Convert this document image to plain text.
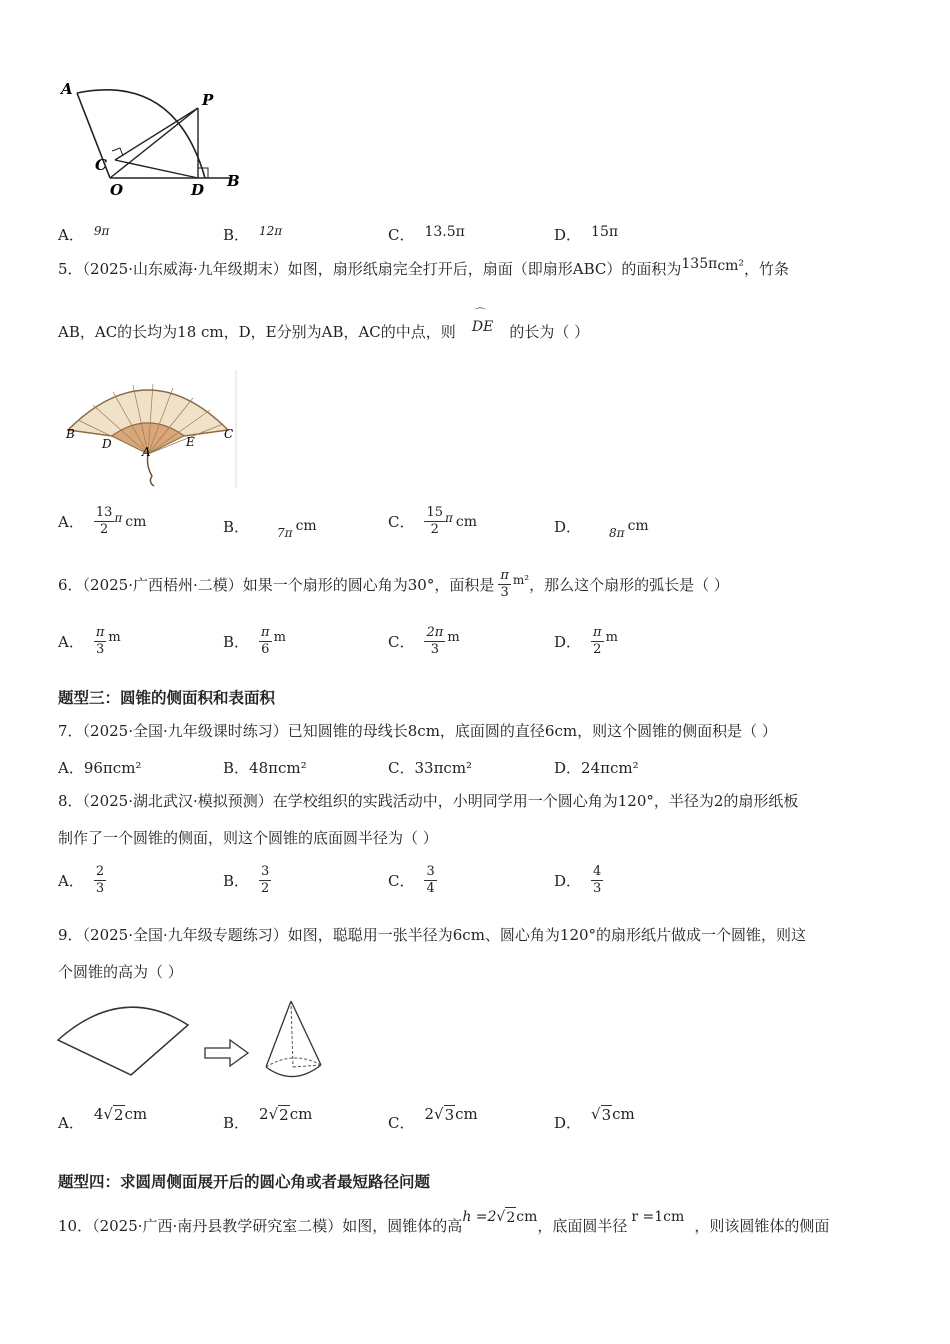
A
P
C
O	D B
A． 9π	B． 12π	C． 13.5π	D． 15π
5．（2025·山东威海·九年级期末）如图，扇形纸扇完全打开后，扇面（即扇形ABC）的面积为135πcm²，竹条
AB，AC的长均为18 cm，D，E分别为AB，AC的中点，则
⌒
DE 的长为（ ）
B
D
A
E
C
A． $\frac{13}{2}$ π cm	B． 7π cm	C． $\frac{15}{2}$ π cm	D． 8π cm
6．（2025·广西梧州·二模）如果一个扇形的圆心角为30°，面积是 $\frac{\pi}{3} m^2$ ，那么这个扇形的弧长是（ ）
A． $\frac{\pi}{3}$ m	B． $\frac{\pi}{6}$ m	C． $\frac{2\pi}{3}$ m	D． $\frac{\pi}{2}$ m
题型三：圆锥的侧面积和表面积
7．（2025·全国·九年级课时练习）已知圆锥的母线长8cm，底面圆的直径6cm，则这个圆锥的侧面积是（ ）
A． 96πcm²	B． 48πcm²	C． 33πcm²	D． 24πcm²
8．（2025·湖北武汉·模拟预测）在学校组织的实践活动中，小明同学用一个圆心角为120°，半径为2的扇形纸板
制作了一个圆锥的侧面，则这个圆锥的底面圆半径为（ ）
A． $\frac{2}{3}$	B． $\frac{3}{2}$	C． $\frac{3}{4}$	D． $\frac{4}{3}$
9．（2025·全国·九年级专题练习）如图，聪聪用一张半径为6cm、圆心角为120°的扇形纸片做成一个圆锥，则这
个圆锥的高为（ ）
A． 4 √ 2 cm	B． 2 √ 2 cm	C． 2 √ 3 cm	D． √ 3 cm
题型四：求圆周侧面展开后的圆心角或者最短路径问题
10．（2025·广西·南丹县教学研究室二模）如图，圆锥体的高
h =2 √ 2 cm
，底面圆半径 r =1cm ，则该圆锥体的侧面
